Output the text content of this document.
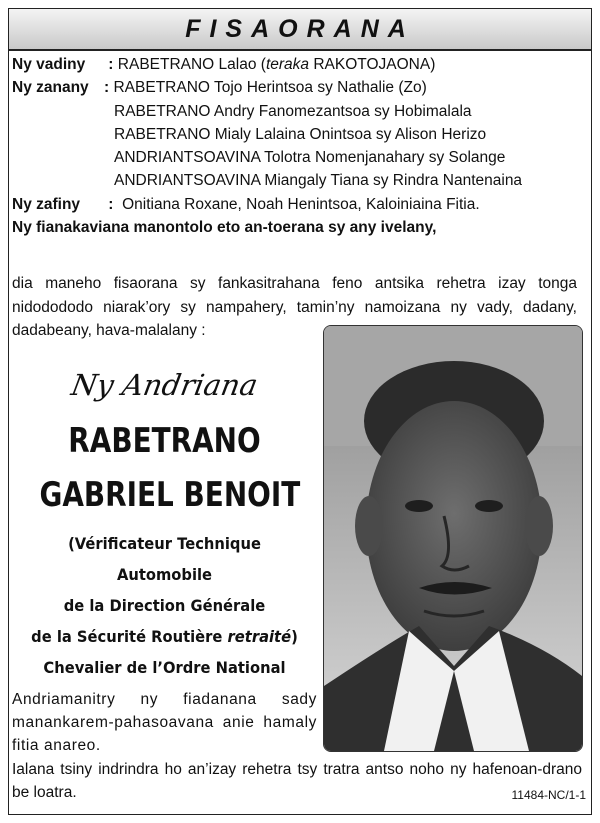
FISAORANA
Ny vadiny : RABETRANO Lalao (teraka RAKOTOJAONA)
Ny zanany : RABETRANO Tojo Herintsoa sy Nathalie (Zo)
RABETRANO Andry Fanomezantsoa sy Hobimalala
RABETRANO Mialy Lalaina Onintsoa sy Alison Herizo
ANDRIANTSOAVINA Tolotra Nomenjanahary sy Solange
ANDRIANTSOAVINA Miangaly Tiana sy Rindra Nantenaina
Ny zafiny : Onitiana Roxane, Noah Henintsoa, Kaloiniaina Fitia.
Ny fianakaviana manontolo eto an-toerana sy any ivelany,
dia maneho fisaorana sy fankasitrahana feno antsika rehetra izay tonga nidodododo niarak’ory sy nampahery, tamin’ny namoizana ny vady, dadany, dadabeany, hava-malalany :
Ny Andriana
RABETRANO
GABRIEL BENOIT
(Vérificateur Technique
Automobile
de la Direction Générale
de la Sécurité Routière retraité)
Chevalier de l’Ordre National
Andriamanitry ny fiadanana sady manankarem-pahasoavana anie hamaly fitia anareo.
Ialana tsiny indrindra ho an’izay rehetra tsy tratra antso noho ny hafenoan-drano be loatra.	11484-NC/1-1
